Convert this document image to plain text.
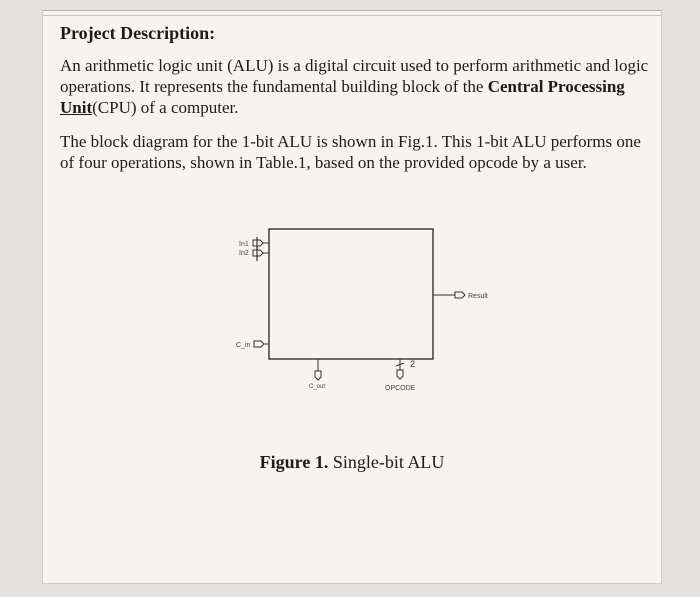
Project Description:

An arithmetic logic unit (ALU) is a digital circuit used to perform arithmetic and logic operations. It represents the fundamental building block of the Central Processing Unit(CPU) of a computer.

The block diagram for the 1-bit ALU is shown in Fig.1. This 1-bit ALU performs one of four operations, shown in Table.1, based on the provided opcode by a user.

In1
In2
C_in
Result
C_out
2
OPCODE
Figure 1. Single-bit ALU
